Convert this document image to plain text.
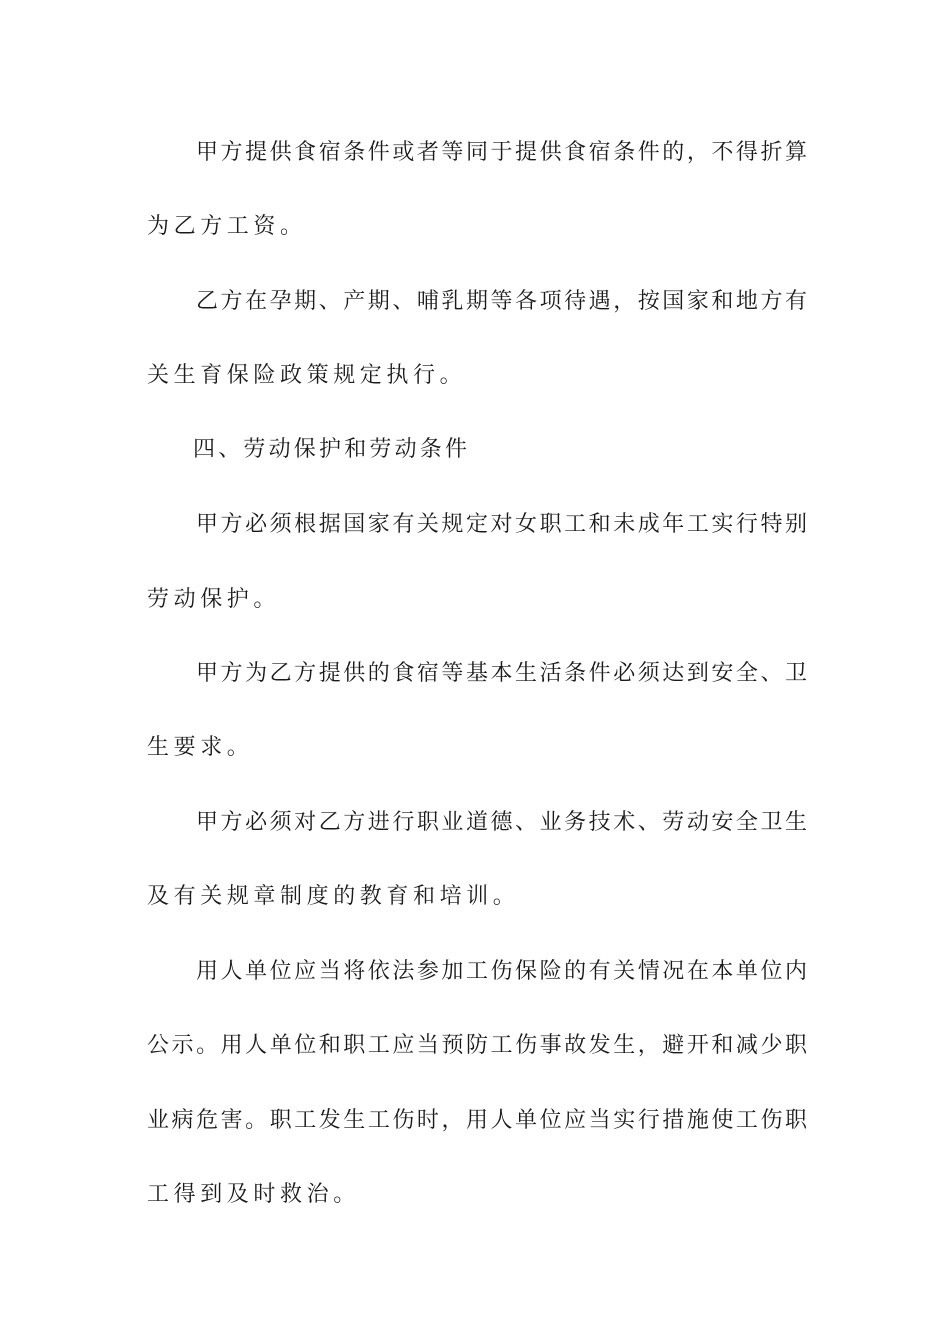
甲方提供食宿条件或者等同于提供食宿条件的，不得折算
为乙方工资。
乙方在孕期、产期、哺乳期等各项待遇，按国家和地方有
关生育保险政策规定执行。
四、劳动保护和劳动条件
甲方必须根据国家有关规定对女职工和未成年工实行特别
劳动保护。
甲方为乙方提供的食宿等基本生活条件必须达到安全、卫
生要求。
甲方必须对乙方进行职业道德、业务技术、劳动安全卫生
及有关规章制度的教育和培训。
用人单位应当将依法参加工伤保险的有关情况在本单位内
公示。用人单位和职工应当预防工伤事故发生，避开和减少职
业病危害。职工发生工伤时，用人单位应当实行措施使工伤职
工得到及时救治。
